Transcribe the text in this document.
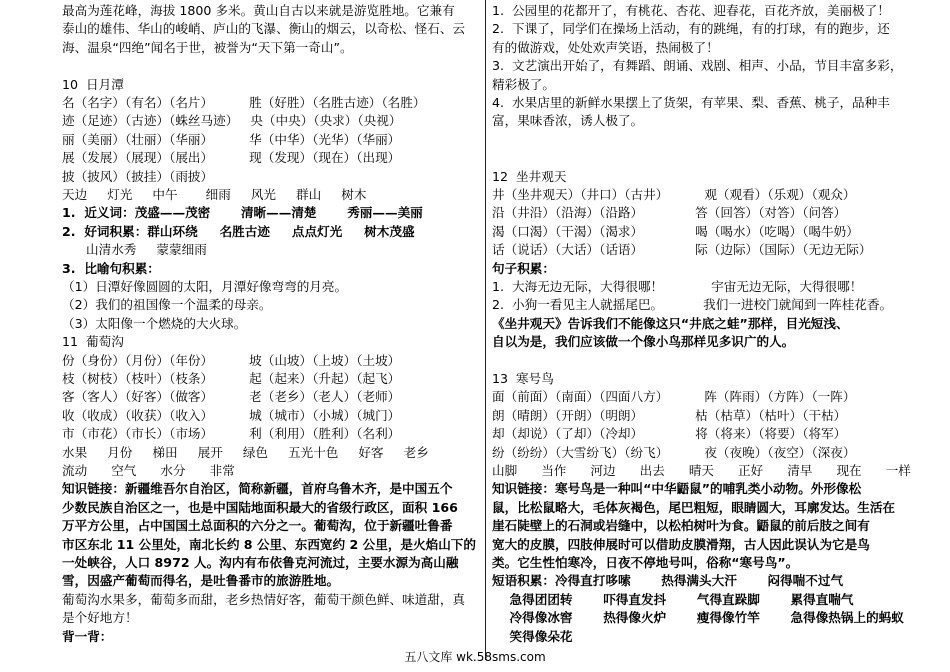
最高为莲花峰，海拔 1800 多米。黄山自古以来就是游览胜地。它兼有
泰山的雄伟、华山的峻峭、庐山的飞瀑、衡山的烟云，以奇松、怪石、云
海、温泉“四绝”闻名于世，被誉为“天下第一奇山”。
10  日月潭
名（名字）（有名）（名片）         胜（好胜）（名胜古迹）（名胜）
迹（足迹）（古迹）（蛛丝马迹）   央（中央）（央求）（央视）
丽（美丽）（壮丽）（华丽）         华（中华）（光华）（华丽）
展（发展）（展现）（展出）         现（发现）（现在）（出现）
披（披风）（披挂）（雨披）
天边     灯光     中午       细雨     风光     群山     树木
1.  近义词：茂盛——茂密       清晰——清楚       秀丽——美丽
2.  好词积累：群山环绕     名胜古迹     点点灯光     树木茂盛
山清水秀     蒙蒙细雨
3.  比喻句积累：
（1）日潭好像圆圆的太阳，月潭好像弯弯的月亮。
（2）我们的祖国像一个温柔的母亲。
（3）太阳像一个燃烧的大火球。
11  葡萄沟
份（身份）（月份）（年份）         坡（山坡）（上坡）（土坡）
枝（树枝）（枝叶）（枝条）         起（起来）（升起）（起飞）
客（客人）（好客）（做客）         老（老乡）（老人）（老师）
收（收成）（收获）（收入）         城（城市）（小城）（城门）
市（市花）（市长）（市场）         利（利用）（胜利）（名利）
水果     月份     梯田     展开     绿色     五光十色     好客     老乡
流动      空气      水分      非常
知识链接：新疆维吾尔自治区，简称新疆，首府乌鲁木齐，是中国五个
少数民族自治区之一，也是中国陆地面积最大的省级行政区，面积 166
万平方公里，占中国国土总面积的六分之一。葡萄沟，位于新疆吐鲁番
市区东北 11 公里处，南北长约 8 公里、东西宽约 2 公里，是火焰山下的
一处峡谷，人口 8972 人。沟内有布依鲁克河流过，主要水源为高山融
雪，因盛产葡萄而得名，是吐鲁番市的旅游胜地。
葡萄沟水果多，葡萄多而甜，老乡热情好客，葡萄干颜色鲜、味道甜，真
是个好地方！
背一背：
1.  公园里的花都开了，有桃花、杏花、迎春花，百花齐放，美丽极了！
2.  下课了，同学们在操场上活动，有的跳绳，有的打球，有的跑步，还
有的做游戏，处处欢声笑语，热闹极了！
3.  文艺演出开始了，有舞蹈、朗诵、戏剧、相声、小品，节目丰富多彩，
精彩极了。
4.  水果店里的新鲜水果摆上了货架，有苹果、梨、香蕉、桃子，品种丰
富，果味香浓，诱人极了。
12  坐井观天
井（坐井观天）（井口）（古井）         观（观看）（乐观）（观众）
沿（井沿）（沿海）（沿路）             答（回答）（对答）（问答）
渴（口渴）（干渴）（渴求）             喝（喝水）（吃喝）（喝牛奶）
话（说话）（大话）（话语）             际（边际）（国际）（无边无际）
句子积累：
1.  大海无边无际，大得很哪！            宇宙无边无际，大得很哪！
2.  小狗一看见主人就摇尾巴。          我们一进校门就闻到一阵桂花香。
《坐井观天》告诉我们不能像这只“井底之蛙”那样，目光短浅、
自以为是，我们应该做一个像小鸟那样见多识广的人。
13  寒号鸟
面（前面）（南面）（四面八方）         阵（阵雨）（方阵）（一阵）
朗（晴朗）（开朗）（明朗）             枯（枯草）（枯叶）（干枯）
却（却说）（了却）（冷却）             将（将来）（将要）（将军）
纷（纷纷）（大雪纷飞）（纷飞）         夜（夜晚）（夜空）（深夜）
山脚      当作      河边      出去      晴天      正好      清早      现在      一样
知识链接：寒号鸟是一种叫“中华鼯鼠”的哺乳类小动物。外形像松
鼠，比松鼠略大，毛体灰褐色，尾巴粗短，眼睛圆大，耳廓发达。生活在
崖石陡壁上的石洞或岩缝中，以松柏树叶为食。鼯鼠的前后肢之间有
宽大的皮膜，四肢伸展时可以借助皮膜滑翔，古人因此误认为它是鸟
类。它生性怕寒冷，日夜不停地号叫，俗称“寒号鸟”。
短语积累：冷得直打哆嗦       热得满头大汗       闷得喘不过气
急得团团转       吓得直发抖       气得直跺脚       累得直喘气
冷得像冰窖       热得像火炉       瘦得像竹竿       急得像热锅上的蚂蚁
笑得像朵花
五八文库 wk.58sms.com
